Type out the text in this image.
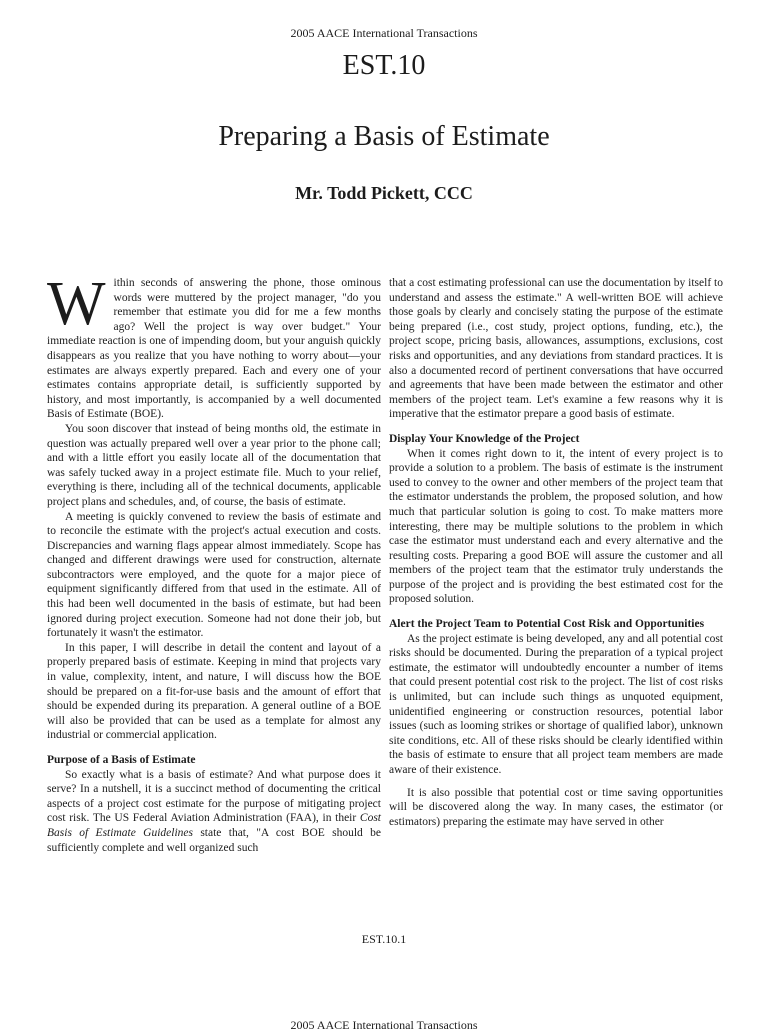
2005 AACE International Transactions
EST.10
Preparing a Basis of Estimate
Mr. Todd Pickett, CCC

Within seconds of answering the phone, those ominous words were muttered by the project manager, "do you remember that estimate you did for me a few months ago? Well the project is way over budget." Your immediate reaction is one of impending doom, but your anguish quickly disappears as you realize that you have nothing to worry about—your estimates are always expertly prepared. Each and every one of your estimates contains appropriate detail, is sufficiently supported by history, and most importantly, is accompanied by a well documented Basis of Estimate (BOE).

You soon discover that instead of being months old, the estimate in question was actually prepared well over a year prior to the phone call; and with a little effort you easily locate all of the documentation that was safely tucked away in a project estimate file. Much to your relief, everything is there, including all of the technical documents, applicable project plans and schedules, and, of course, the basis of estimate.

A meeting is quickly convened to review the basis of estimate and to reconcile the estimate with the project's actual execution and costs. Discrepancies and warning flags appear almost immediately. Scope has changed and different drawings were used for construction, alternate subcontractors were employed, and the quote for a major piece of equipment significantly differed from that used in the estimate. All of this had been well documented in the basis of estimate, but had been ignored during project execution. Someone had not done their job, but fortunately it wasn't the estimator.

In this paper, I will describe in detail the content and layout of a properly prepared basis of estimate. Keeping in mind that projects vary in value, complexity, intent, and nature, I will discuss how the BOE should be prepared on a fit-for-use basis and the amount of effort that should be expended during its preparation. A general outline of a BOE will also be provided that can be used as a template for almost any industrial or commercial application.

Purpose of a Basis of Estimate

So exactly what is a basis of estimate? And what purpose does it serve? In a nutshell, it is a succinct method of documenting the critical aspects of a project cost estimate for the purpose of mitigating project cost risk. The US Federal Aviation Administration (FAA), in their Cost Basis of Estimate Guidelines state that, "A cost BOE should be sufficiently complete and well organized such

that a cost estimating professional can use the documentation by itself to understand and assess the estimate." A well-written BOE will achieve those goals by clearly and concisely stating the purpose of the estimate being prepared (i.e., cost study, project options, funding, etc.), the project scope, pricing basis, allowances, assumptions, exclusions, cost risks and opportunities, and any deviations from standard practices. It is also a documented record of pertinent conversations that have occurred and agreements that have been made between the estimator and other members of the project team. Let's examine a few reasons why it is imperative that the estimator prepare a good basis of estimate.

Display Your Knowledge of the Project

When it comes right down to it, the intent of every project is to provide a solution to a problem. The basis of estimate is the instrument used to convey to the owner and other members of the project team that the estimator understands the problem, the proposed solution, and how much that particular solution is going to cost. To make matters more interesting, there may be multiple solutions to the problem in which case the estimator must understand each and every alternative and the resulting costs. Preparing a good BOE will assure the customer and all members of the project team that the estimator truly understands the purpose of the project and is providing the best estimated cost for the proposed solution.

Alert the Project Team to Potential Cost Risk and Opportunities

As the project estimate is being developed, any and all potential cost risks should be documented. During the preparation of a typical project estimate, the estimator will undoubtedly encounter a number of items that could present potential cost risk to the project. The list of cost risks is unlimited, but can include such things as unquoted equipment, unidentified engineering or construction resources, potential labor issues (such as looming strikes or shortage of qualified labor), unknown site conditions, etc. All of these risks should be clearly identified within the basis of estimate to ensure that all project team members are made aware of their existence.

It is also possible that potential cost or time saving opportunities will be discovered along the way. In many cases, the estimator (or estimators) preparing the estimate may have served in other

EST.10.1
2005 AACE International Transactions
